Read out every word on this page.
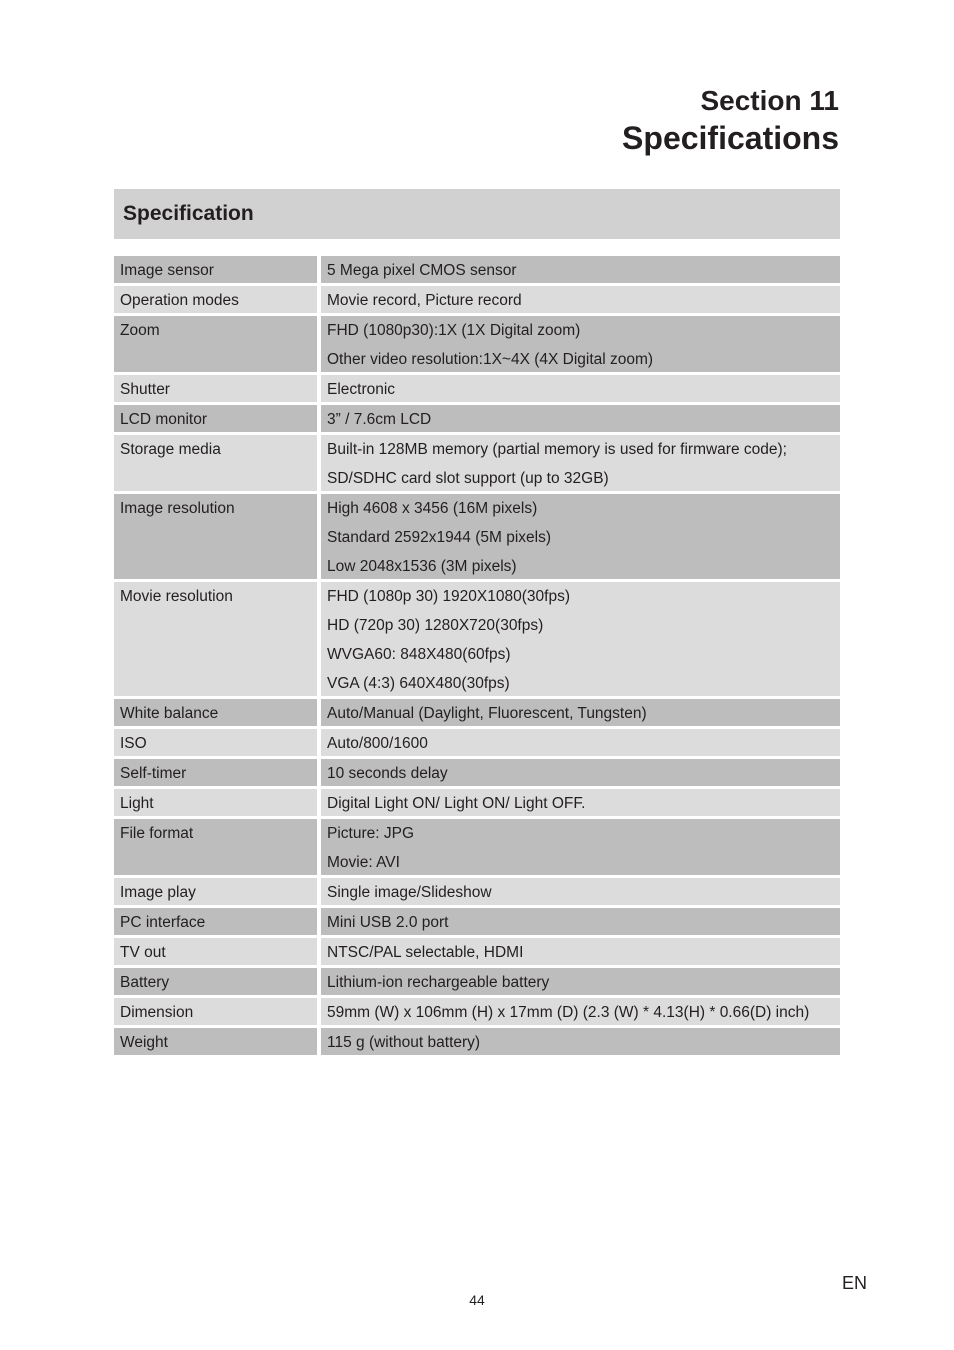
Section 11
Specifications
Specification
Image sensor	5 Mega pixel CMOS sensor
Operation modes	Movie record, Picture record
Zoom	FHD (1080p30):1X (1X Digital zoom)
Other video resolution:1X~4X (4X Digital zoom)
Shutter	Electronic
LCD monitor	3” / 7.6cm LCD
Storage media	Built-in 128MB memory (partial memory is used for firmware code);
SD/SDHC card slot support (up to 32GB)
Image resolution	High 4608 x 3456 (16M pixels)
Standard 2592x1944 (5M pixels)
Low 2048x1536 (3M pixels)
Movie resolution	FHD (1080p 30) 1920X1080(30fps)
HD (720p 30) 1280X720(30fps)
WVGA60: 848X480(60fps)
VGA (4:3) 640X480(30fps)
White balance	Auto/Manual (Daylight, Fluorescent, Tungsten)
ISO	Auto/800/1600
Self-timer	10 seconds delay
Light	Digital Light ON/ Light ON/ Light OFF.
File format	Picture: JPG
Movie: AVI
Image play	Single image/Slideshow
PC interface	Mini USB 2.0 port
TV out	NTSC/PAL selectable, HDMI
Battery	Lithium-ion rechargeable battery
Dimension	59mm (W) x 106mm (H) x 17mm (D) (2.3 (W) * 4.13(H) * 0.66(D) inch)
Weight	115 g (without battery)
44
EN
